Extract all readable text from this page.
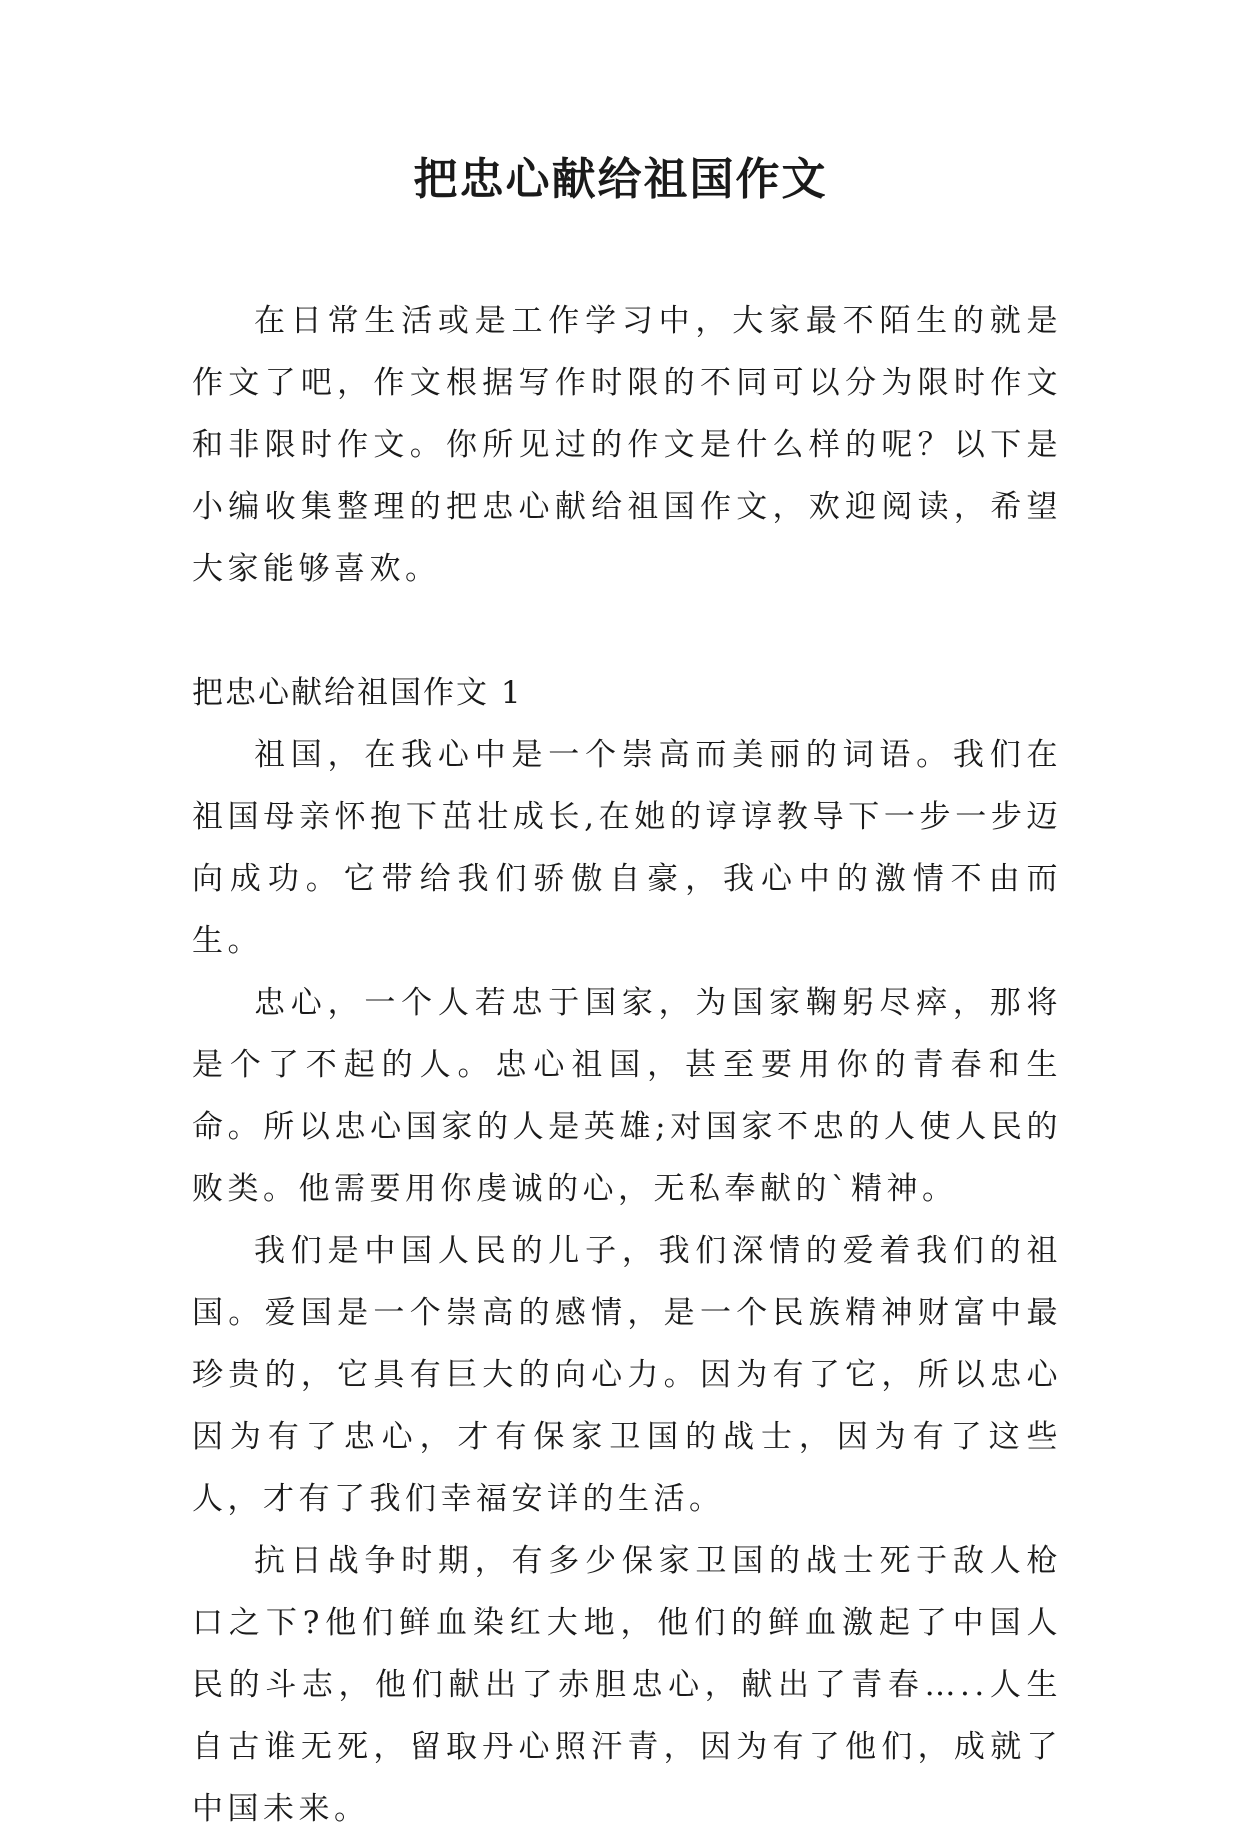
把忠心献给祖国作文

在日常生活或是工作学习中，大家最不陌生的就是作文了吧，作文根据写作时限的不同可以分为限时作文和非限时作文。你所见过的作文是什么样的呢？以下是小编收集整理的把忠心献给祖国作文，欢迎阅读，希望大家能够喜欢。

把忠心献给祖国作文 1

祖国，在我心中是一个崇高而美丽的词语。我们在祖国母亲怀抱下茁壮成长,在她的谆谆教导下一步一步迈向成功。它带给我们骄傲自豪，我心中的激情不由而生。

忠心，一个人若忠于国家，为国家鞠躬尽瘁，那将是个了不起的人。忠心祖国，甚至要用你的青春和生命。所以忠心国家的人是英雄;对国家不忠的人使人民的败类。他需要用你虔诚的心，无私奉献的`精神。

我们是中国人民的儿子，我们深情的爱着我们的祖国。爱国是一个崇高的感情，是一个民族精神财富中最珍贵的，它具有巨大的向心力。因为有了它，所以忠心因为有了忠心，才有保家卫国的战士，因为有了这些人，才有了我们幸福安详的生活。

抗日战争时期，有多少保家卫国的战士死于敌人枪口之下?他们鲜血染红大地，他们的鲜血激起了中国人民的斗志，他们献出了赤胆忠心，献出了青春…..人生自古谁无死，留取丹心照汗青，因为有了他们，成就了中国未来。
